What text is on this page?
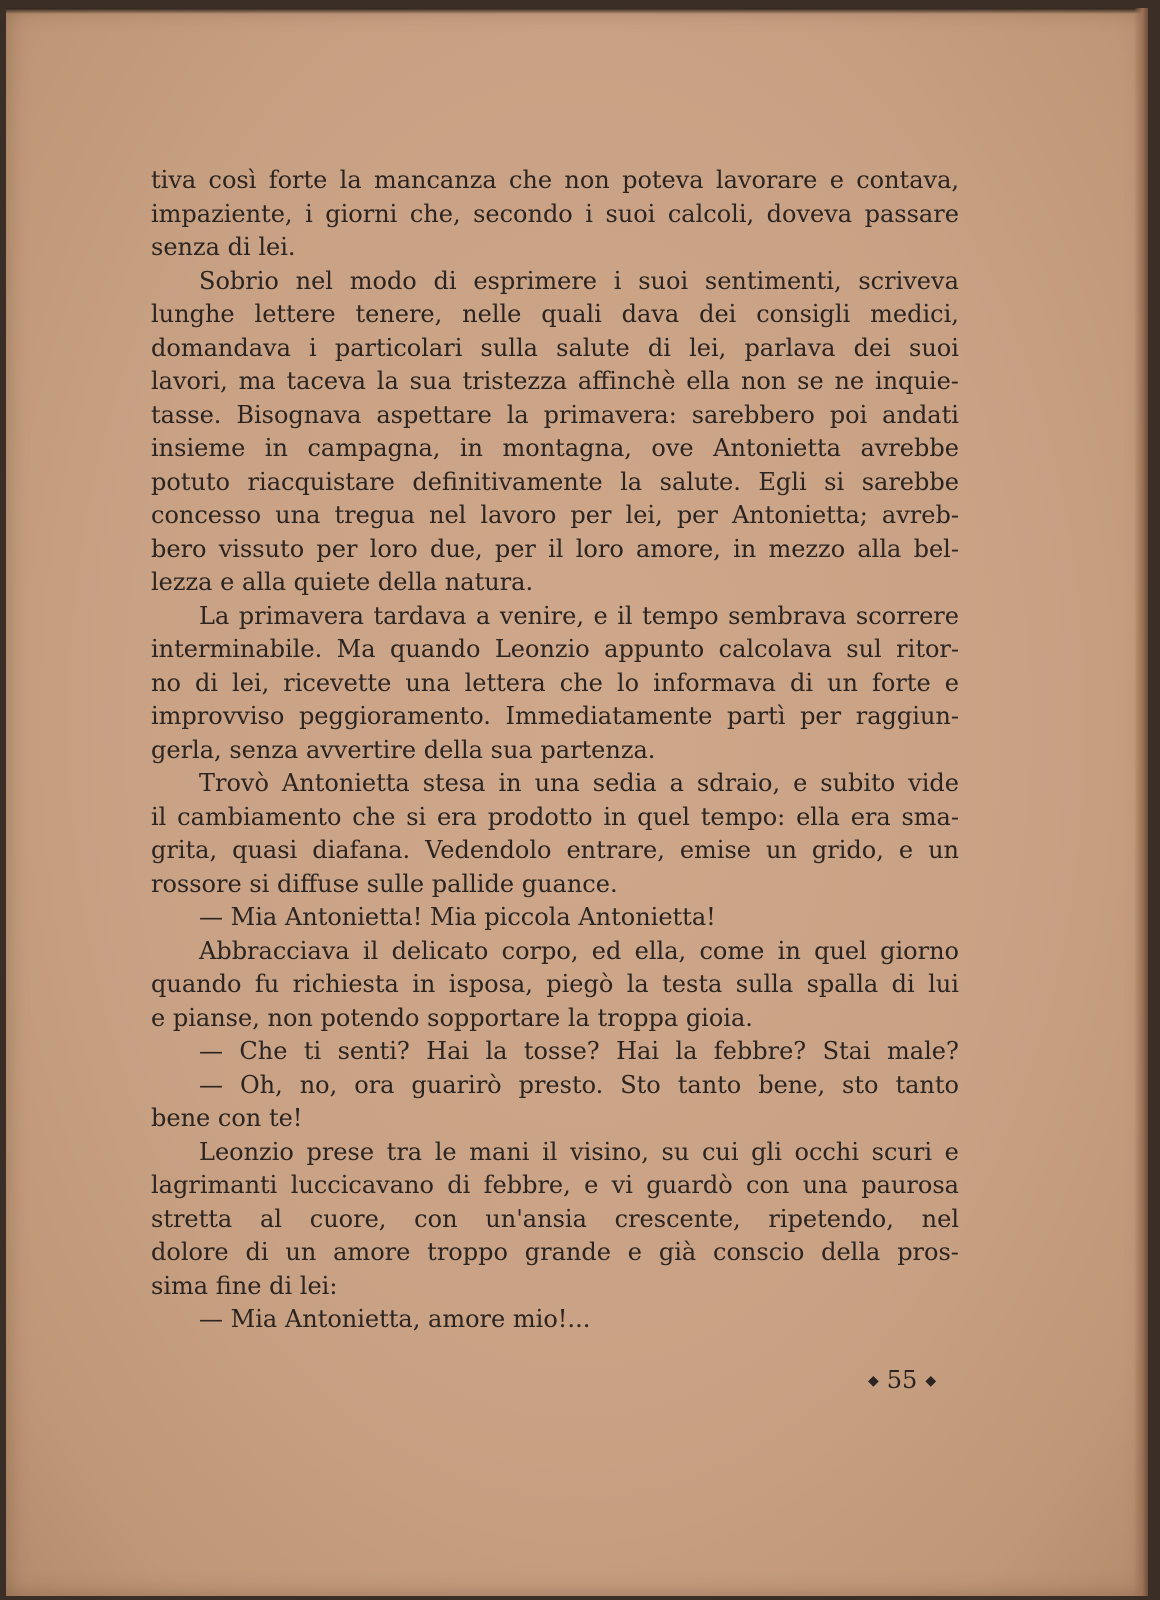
tiva così forte la mancanza che non poteva lavorare e contava,
impaziente, i giorni che, secondo i suoi calcoli, doveva passare
senza di lei.
Sobrio nel modo di esprimere i suoi sentimenti, scriveva
lunghe lettere tenere, nelle quali dava dei consigli medici,
domandava i particolari sulla salute di lei, parlava dei suoi
lavori, ma taceva la sua tristezza affinchè ella non se ne inquie-
tasse. Bisognava aspettare la primavera: sarebbero poi andati
insieme in campagna, in montagna, ove Antonietta avrebbe
potuto riacquistare definitivamente la salute. Egli si sarebbe
concesso una tregua nel lavoro per lei, per Antonietta; avreb-
bero vissuto per loro due, per il loro amore, in mezzo alla bel-
lezza e alla quiete della natura.
La primavera tardava a venire, e il tempo sembrava scorrere
interminabile. Ma quando Leonzio appunto calcolava sul ritor-
no di lei, ricevette una lettera che lo informava di un forte e
improvviso peggioramento. Immediatamente partì per raggiun-
gerla, senza avvertire della sua partenza.
Trovò Antonietta stesa in una sedia a sdraio, e subito vide
il cambiamento che si era prodotto in quel tempo: ella era sma-
grita, quasi diafana. Vedendolo entrare, emise un grido, e un
rossore si diffuse sulle pallide guance.
— Mia Antonietta! Mia piccola Antonietta!
Abbracciava il delicato corpo, ed ella, come in quel giorno
quando fu richiesta in isposa, piegò la testa sulla spalla di lui
e pianse, non potendo sopportare la troppa gioia.
— Che ti senti? Hai la tosse? Hai la febbre? Stai male?
— Oh, no, ora guarirò presto. Sto tanto bene, sto tanto
bene con te!
Leonzio prese tra le mani il visino, su cui gli occhi scuri e
lagrimanti luccicavano di febbre, e vi guardò con una paurosa
stretta al cuore, con un'ansia crescente, ripetendo, nel
dolore di un amore troppo grande e già conscio della pros-
sima fine di lei:
— Mia Antonietta, amore mio!...
◆ 55 ◆
